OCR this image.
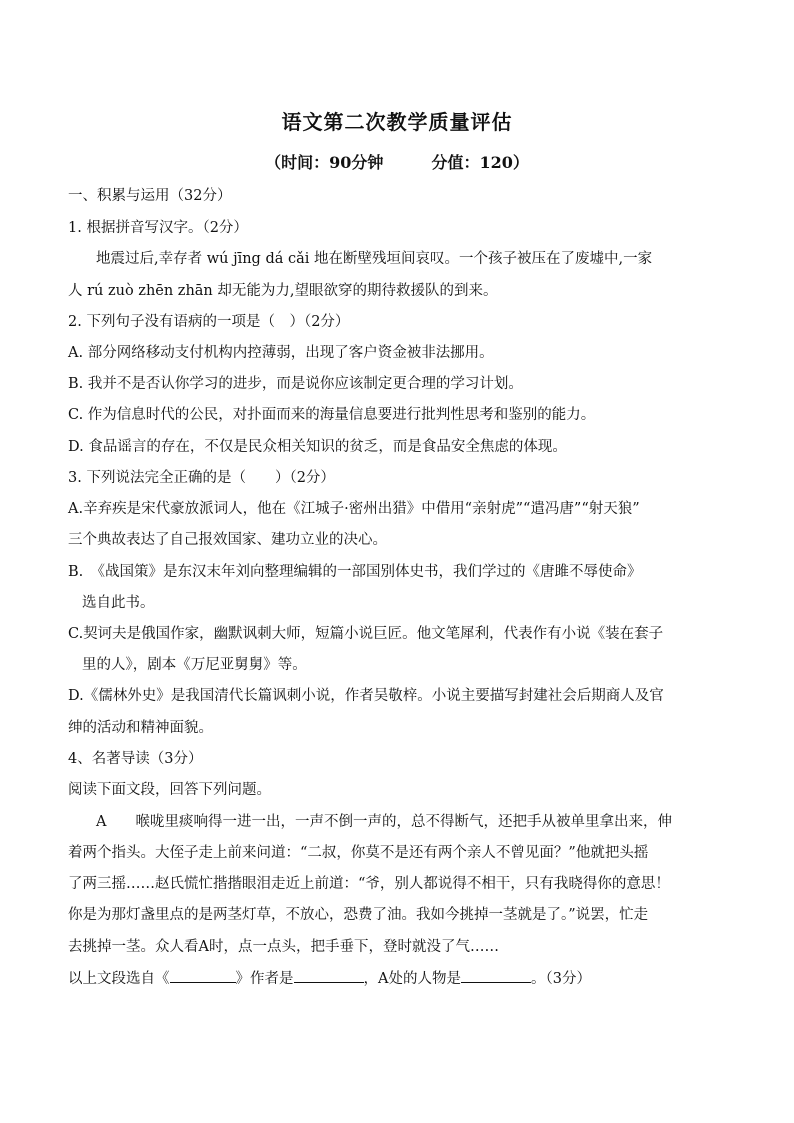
语文第二次教学质量评估
（时间：90分钟	分值：120）
一、积累与运用（32分）
1. 根据拼音写汉字。（2分）
地震过后,幸存者 wú jīng dá cǎi 地在断壁残垣间哀叹。一个孩子被压在了废墟中,一家
人 rú zuò zhēn zhān 却无能为力,望眼欲穿的期待救援队的到来。
2. 下列句子没有语病的一项是（　）（2分）
A. 部分网络移动支付机构内控薄弱，出现了客户资金被非法挪用。
B. 我并不是否认你学习的进步，而是说你应该制定更合理的学习计划。
C. 作为信息时代的公民，对扑面而来的海量信息要进行批判性思考和鉴别的能力。
D. 食品谣言的存在，不仅是民众相关知识的贫乏，而是食品安全焦虑的体现。
3. 下列说法完全正确的是（　　）（2分）
A.辛弃疾是宋代豪放派词人，他在《江城子·密州出猎》中借用“亲射虎”“遣冯唐”“射天狼”
三个典故表达了自己报效国家、建功立业的决心。
B.　《战国策》是东汉末年刘向整理编辑的一部国别体史书，我们学过的《唐雎不辱使命》
选自此书。
C.契诃夫是俄国作家，幽默讽刺大师，短篇小说巨匠。他文笔犀利，代表作有小说《装在套子
里的人》，剧本《万尼亚舅舅》等。
D.《儒林外史》是我国清代长篇讽刺小说，作者吴敬梓。小说主要描写封建社会后期商人及官
绅的活动和精神面貌。
4、名著导读（3分）
阅读下面文段，回答下列问题。
A　　喉咙里痰响得一进一出，一声不倒一声的，总不得断气，还把手从被单里拿出来，伸
着两个指头。大侄子走上前来问道：“二叔，你莫不是还有两个亲人不曾见面？”他就把头摇
了两三摇……赵氏慌忙揩揩眼泪走近上前道：“爷，别人都说得不相干，只有我晓得你的意思！
你是为那灯盏里点的是两茎灯草，不放心，恐费了油。我如今挑掉一茎就是了。”说罢，忙走
去挑掉一茎。众人看A时，点一点头，把手垂下，登时就没了气……
以上文段选自《	》作者是	，A处的人物是	。（3分）
